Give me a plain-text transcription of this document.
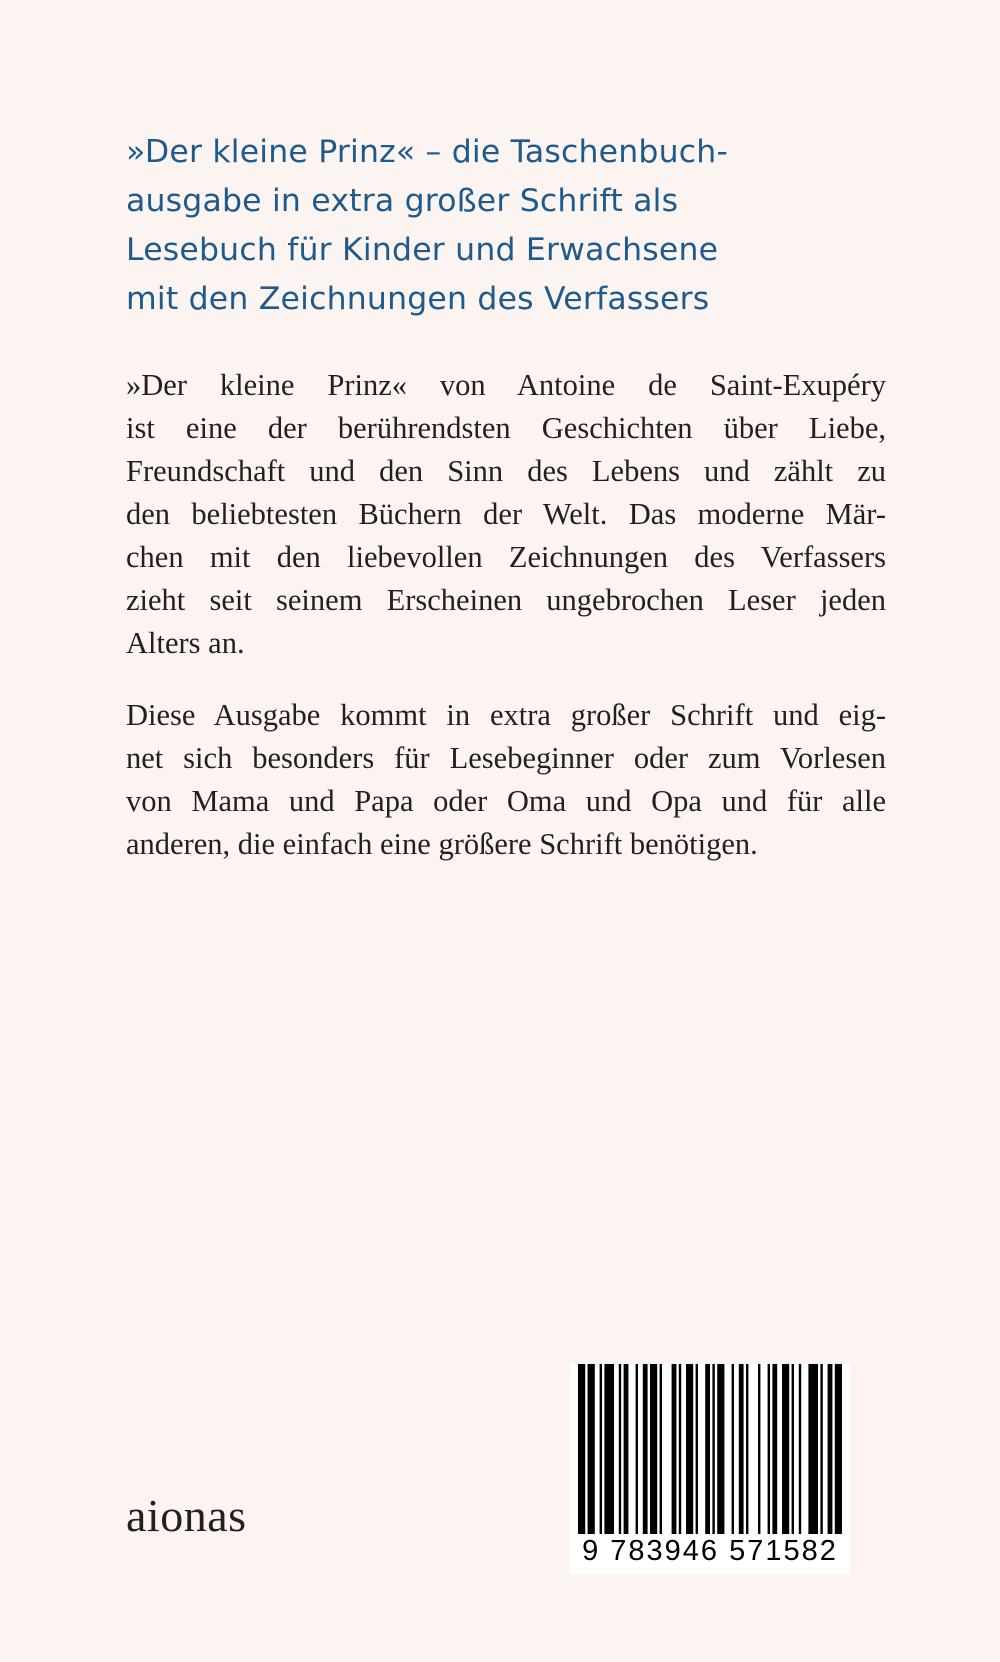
»Der kleine Prinz« – die Taschenbuch-
ausgabe in extra großer Schrift als
Lesebuch für Kinder und Erwachsene
mit den Zeichnungen des Verfassers
»Der kleine Prinz« von Antoine de Saint-Exupéry
ist eine der berührendsten Geschichten über Liebe,
Freundschaft und den Sinn des Lebens und zählt zu
den beliebtesten Büchern der Welt. Das moderne Mär-
chen mit den liebevollen Zeichnungen des Verfassers
zieht seit seinem Erscheinen ungebrochen Leser jeden
Alters an.
Diese Ausgabe kommt in extra großer Schrift und eig-
net sich besonders für Lesebeginner oder zum Vorlesen
von Mama und Papa oder Oma und Opa und für alle
anderen, die einfach eine größere Schrift benötigen.
aionas
9 783946 571582
